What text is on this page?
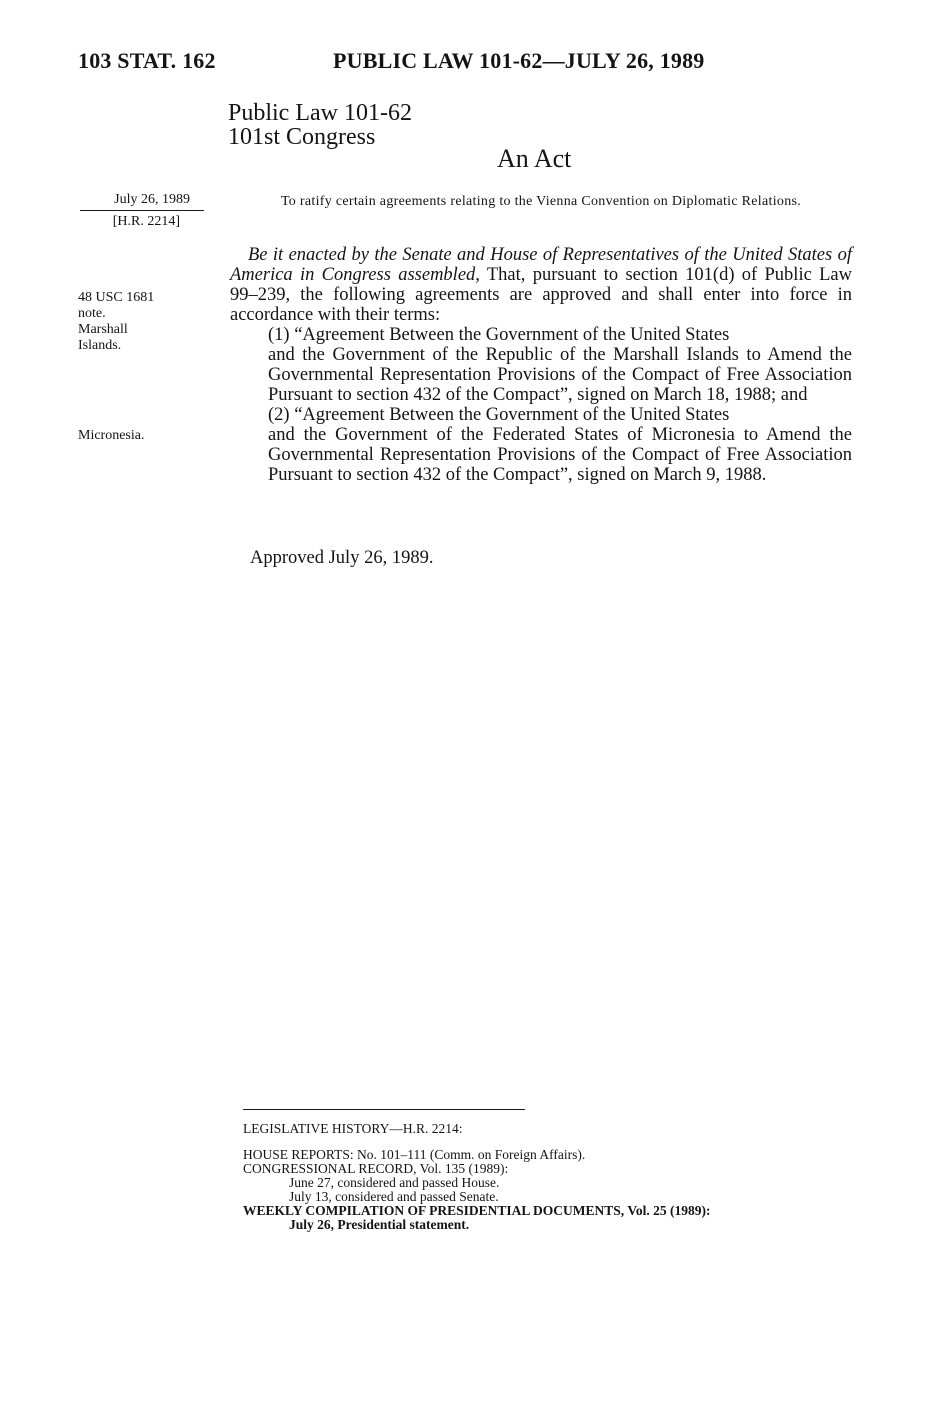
103 STAT. 162	PUBLIC LAW 101-62—JULY 26, 1989
Public Law 101-62
101st Congress
An Act
July 26, 1989
[H.R. 2214]
48 USC 1681
note.
Marshall
Islands.
Micronesia.
To ratify certain agreements relating to the Vienna Convention on Diplomatic Relations.

Be it enacted by the Senate and House of Representatives of the United States of America in Congress assembled, That, pursuant to section 101(d) of Public Law 99–239, the following agreements are approved and shall enter into force in accordance with their terms:

(1) “Agreement Between the Government of the United States

and the Government of the Republic of the Marshall Islands to Amend the Governmental Representation Provisions of the Compact of Free Association Pursuant to section 432 of the Compact”, signed on March 18, 1988; and

(2) “Agreement Between the Government of the United States

and the Government of the Federated States of Micronesia to Amend the Governmental Representation Provisions of the Compact of Free Association Pursuant to section 432 of the Compact”, signed on March 9, 1988.

Approved July 26, 1989.
LEGISLATIVE HISTORY—H.R. 2214:
HOUSE REPORTS: No. 101–111 (Comm. on Foreign Affairs).
CONGRESSIONAL RECORD, Vol. 135 (1989):
June 27, considered and passed House.
July 13, considered and passed Senate.
WEEKLY COMPILATION OF PRESIDENTIAL DOCUMENTS, Vol. 25 (1989):
July 26, Presidential statement.
